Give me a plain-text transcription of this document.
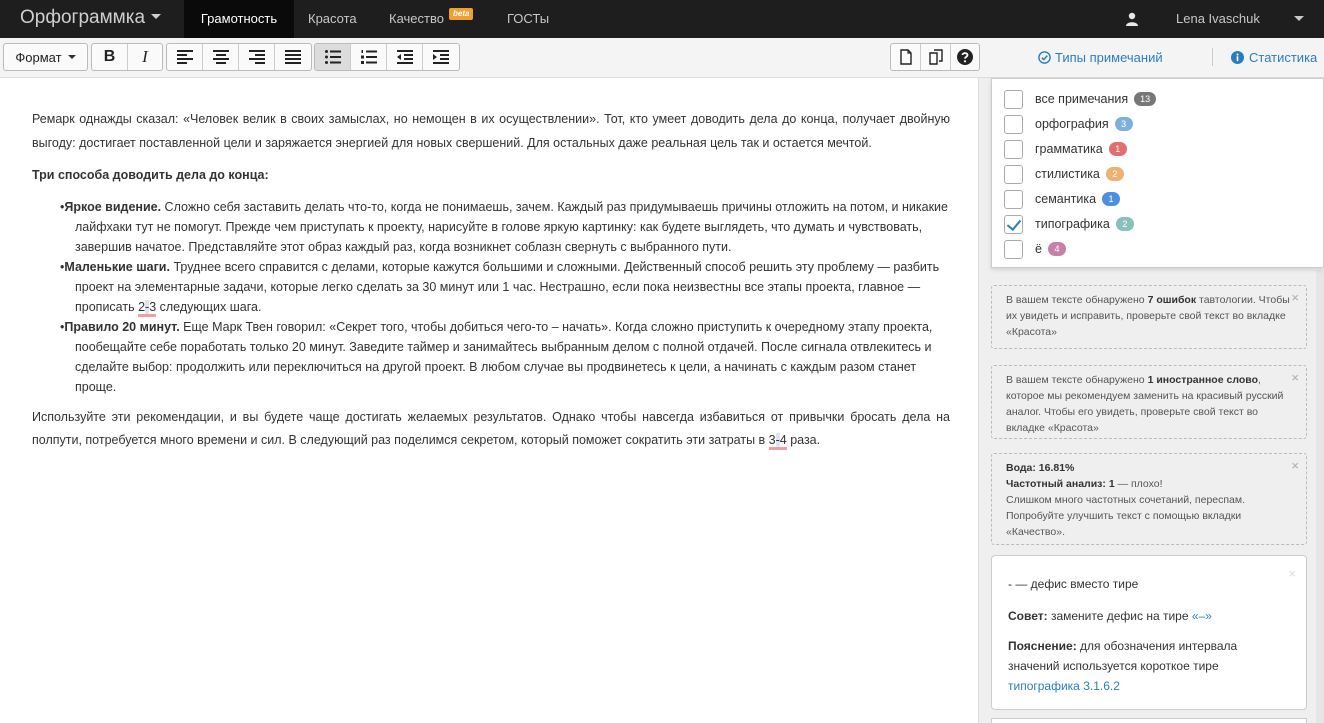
Орфограммка	Грамотность	Красота Качество	beta	ГОСТы	Lena Ivaschuk
Формат	B I	Типы примечаний	Статистика

Ремарк однажды сказал: «Человек велик в своих замыслах, но немощен в их осуществлении». Тот, кто умеет доводить дела до конца, получает двойную выгоду: достигает поставленной цели и заряжается энергией для новых свершений. Для остальных даже реальная цель так и остается мечтой.

Три способа доводить дела до конца:
•Яркое видение. Сложно себя заставить делать что-то, когда не понимаешь, зачем. Каждый раз придумываешь причины отложить на потом, и никакие лайфхаки тут не помогут. Прежде чем приступать к проекту, нарисуйте в голове яркую картинку: как будете выглядеть, что думать и чувствовать, завершив начатое. Представляйте этот образ каждый раз, когда возникнет соблазн свернуть с выбранного пути.
•Маленькие шаги. Труднее всего справится с делами, которые кажутся большими и сложными. Действенный способ решить эту проблему — разбить проект на элементарные задачи, которые легко сделать за 30 минут или 1 час. Нестрашно, если пока неизвестны все этапы проекта, главное — прописать 2-3 следующих шага.
•Правило 20 минут. Еще Марк Твен говорил: «Секрет того, чтобы добиться чего-то – начать». Когда сложно приступить к очередному этапу проекта, пообещайте себе поработать только 20 минут. Заведите таймер и занимайтесь выбранным делом с полной отдачей. После сигнала отвлекитесь и сделайте выбор: продолжить или переключиться на другой проект. В любом случае вы продвинетесь к цели, а начинать с каждым разом станет проще.

Используйте эти рекомендации, и вы будете чаще достигать желаемых результатов. Однако чтобы навсегда избавиться от привычки бросать дела на полпути, потребуется много времени и сил. В следующий раз поделимся секретом, который поможет сократить эти затраты в 3-4 раза.

все примечания	13
орфография	3
грамматика	1
стилистика	2
семантика	1
типографика	2
ё	4
×
В вашем тексте обнаружено 7 ошибок тавтологии. Чтобы их увидеть и исправить, проверьте свой текст во вкладке «Красота»
×
В вашем тексте обнаружено 1 иностранное слово, которое мы рекомендуем заменить на красивый русский аналог. Чтобы его увидеть, проверьте свой текст во вкладке «Красота»
×
Вода: 16.81%
Частотный анализ: 1 — плохо!
Слишком много частотных сочетаний, переспам. Попробуйте улучшить текст с помощью вкладки «Качество».
×
- — дефис вместо тире
Совет: замените дефис на тире «–»
Пояснение: для обозначения интервала значений используется короткое тире типографика 3.1.6.2
